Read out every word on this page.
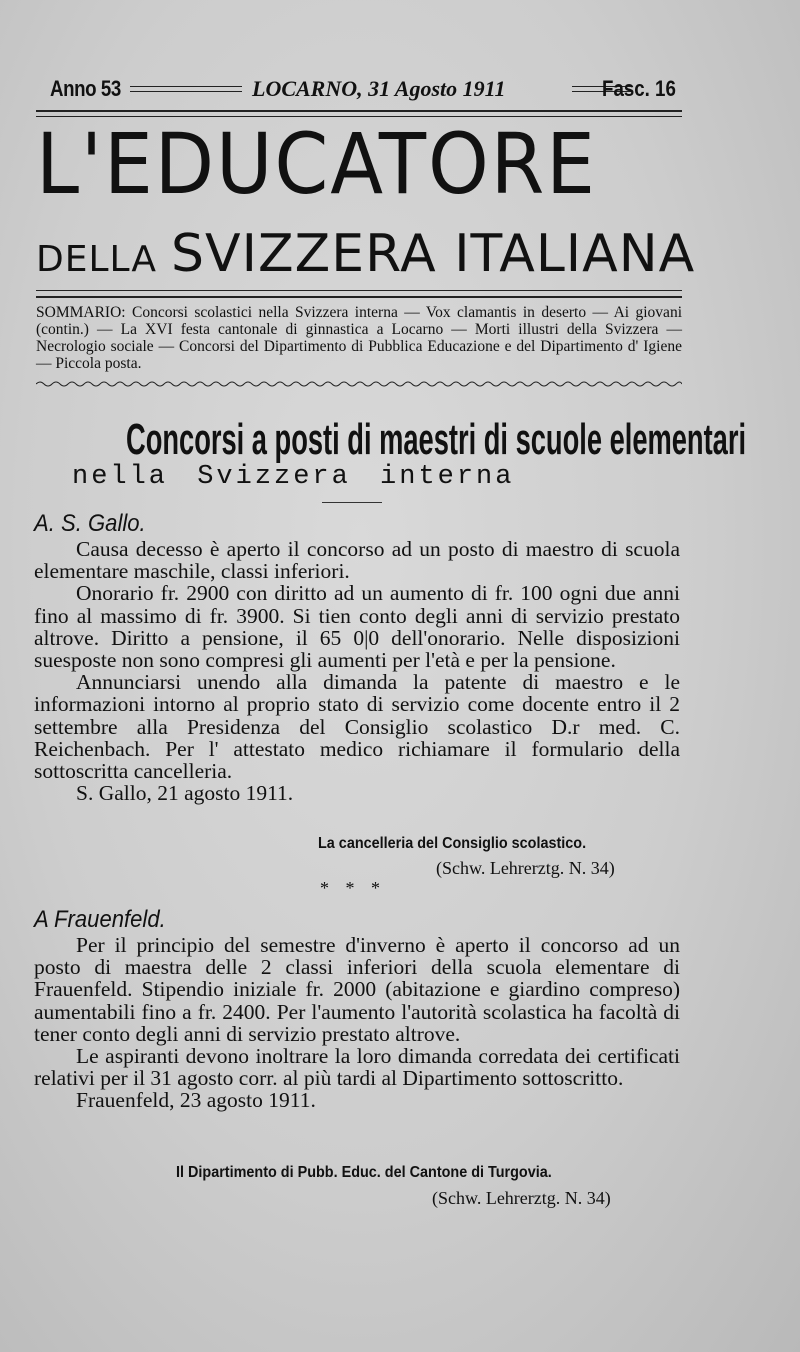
Anno 53	LOCARNO, 31 Agosto 1911	Fasc. 16
L'EDUCATORE
DELLA SVIZZERA ITALIANA
SOMMARIO: Concorsi scolastici nella Svizzera interna — Vox clamantis in deserto — Ai giovani (contin.) — La XVI festa cantonale di ginnastica a Locarno — Morti illustri della Svizzera — Necrologio sociale — Concorsi del Dipartimento di Pubblica Educazione e del Dipartimento d' Igiene — Piccola posta.
Concorsi a posti di maestri di scuole elementari
nella Svizzera interna
A. S. Gallo.

Causa decesso è aperto il concorso ad un posto di maestro di scuola elementare maschile, classi inferiori.

Onorario fr. 2900 con diritto ad un aumento di fr. 100 ogni due anni fino al massimo di fr. 3900. Si tien conto degli anni di servizio prestato altrove. Diritto a pensione, il 65 0|0 dell'onorario. Nelle disposizioni suesposte non sono compresi gli aumenti per l'età e per la pensione.

Annunciarsi unendo alla dimanda la patente di maestro e le informazioni intorno al proprio stato di servizio come docente entro il 2 settembre alla Presidenza del Consiglio scolastico D.r med. C. Reichenbach. Per l' attestato medico richiamare il formulario della sottoscritta cancelleria.

S. Gallo, 21 agosto 1911.

La cancelleria del Consiglio scolastico.
(Schw. Lehrerztg. N. 34)
* * *
A Frauenfeld.

Per il principio del semestre d'inverno è aperto il concorso ad un posto di maestra delle 2 classi inferiori della scuola elementare di Frauenfeld. Stipendio iniziale fr. 2000 (abitazione e giardino compreso) aumentabili fino a fr. 2400. Per l'aumento l'autorità scolastica ha facoltà di tener conto degli anni di servizio prestato altrove.

Le aspiranti devono inoltrare la loro dimanda corredata dei certificati relativi per il 31 agosto corr. al più tardi al Dipartimento sottoscritto.

Frauenfeld, 23 agosto 1911.

Il Dipartimento di Pubb. Educ. del Cantone di Turgovia.
(Schw. Lehrerztg. N. 34)
